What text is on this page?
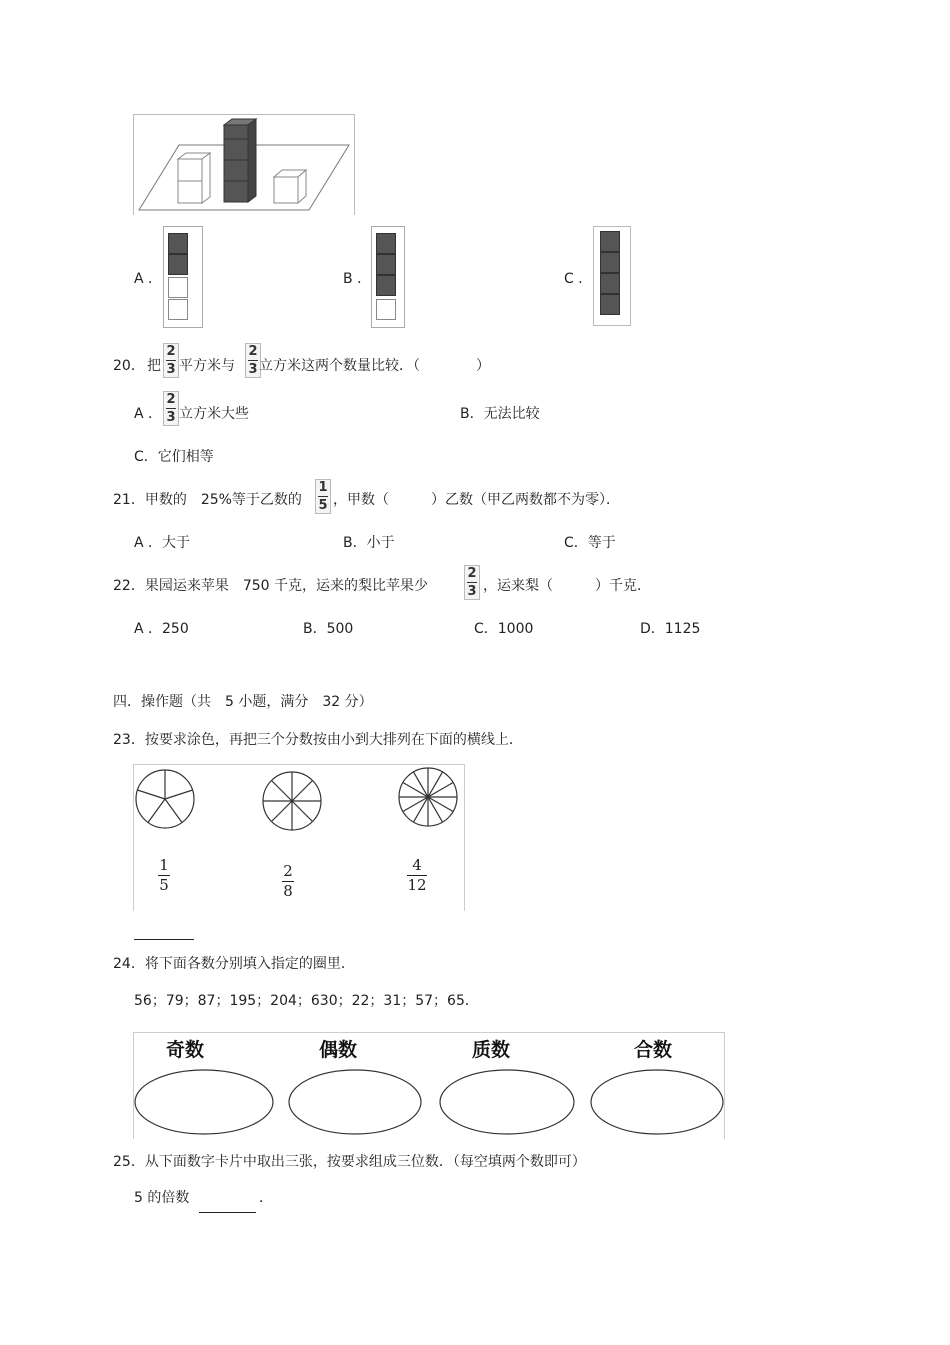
A ．	B ．	C ．
20． 把
2
3 平方米与
2
3 立方米这两个数量比较．（　　　　）
A ．
2
3 立方米大些	B．无法比较
C．它们相等
21．甲数的　25%等于乙数的
1
5 ，甲数（　　　）乙数（甲乙两数都不为零）．
A ．大于	B．小于	C．等于
22．果园运来苹果　750 千克，运来的梨比苹果少
2
3 ，运来梨（　　　）千克．
A ．250	B．500	C．1000	D．1125
四．操作题（共　5 小题，满分　32 分）
23．按要求涂色，再把三个分数按由小到大排列在下面的横线上．
1
5
2
8
4
12
24．将下面各数分别填入指定的圈里．
56；79；87；195；204；630；22；31；57；65．
奇数	偶数	质数	合数
25．从下面数字卡片中取出三张，按要求组成三位数．（每空填两个数即可）
5 的倍数	．
